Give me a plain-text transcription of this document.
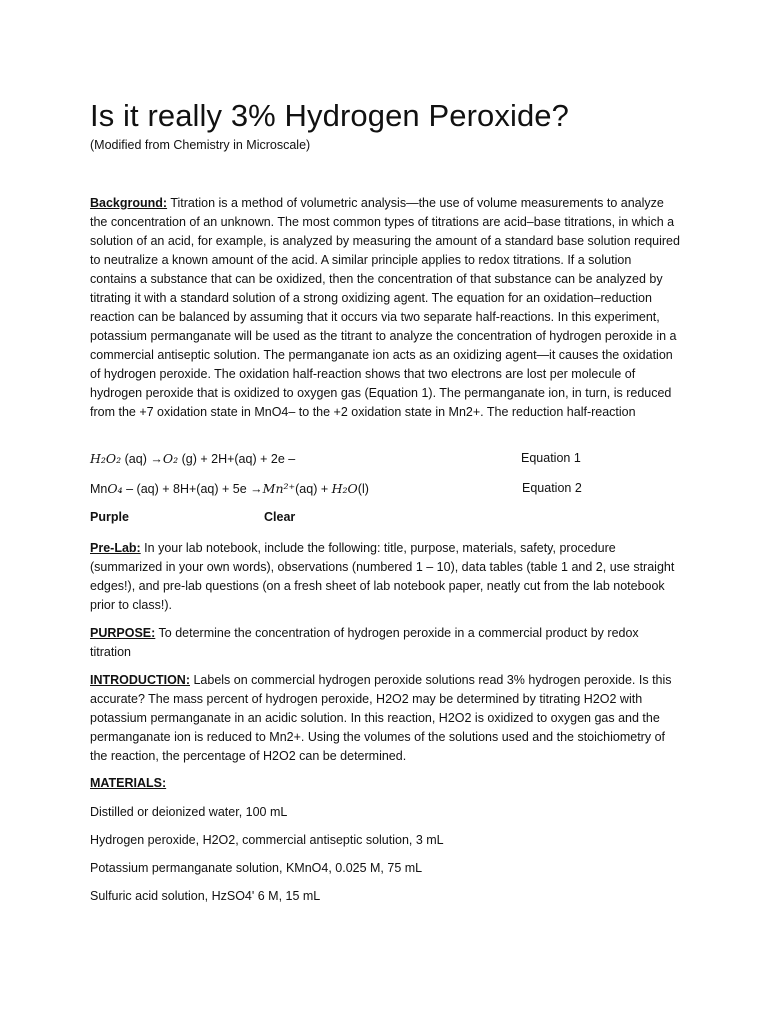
Is it really 3% Hydrogen Peroxide?
(Modified from Chemistry in Microscale)

Background: Titration is a method of volumetric analysis—the use of volume measurements to analyze the concentration of an unknown. The most common types of titrations are acid–base titrations, in which a solution of an acid, for example, is analyzed by measuring the amount of a standard base solution required to neutralize a known amount of the acid. A similar principle applies to redox titrations. If a solution contains a substance that can be oxidized, then the concentration of that substance can be analyzed by titrating it with a standard solution of a strong oxidizing agent. The equation for an oxidation–reduction reaction can be balanced by assuming that it occurs via two separate half-reactions. In this experiment, potassium permanganate will be used as the titrant to analyze the concentration of hydrogen peroxide in a commercial antiseptic solution. The permanganate ion acts as an oxidizing agent—it causes the oxidation of hydrogen peroxide. The oxidation half-reaction shows that two electrons are lost per molecule of hydrogen peroxide that is oxidized to oxygen gas (Equation 1). The permanganate ion, in turn, is reduced from the +7 oxidation state in MnO4– to the +2 oxidation state in Mn2+. The reduction half-reaction

H₂O₂ (aq) →O₂ (g) + 2H+(aq) + 2e –	Equation 1
MnO₄ – (aq) + 8H+(aq) + 5e →Mn²⁺(aq) + H₂O(l)	Equation 2
Purple	Clear

Pre-Lab: In your lab notebook, include the following: title, purpose, materials, safety, procedure (summarized in your own words), observations (numbered 1 – 10), data tables (table 1 and 2, use straight edges!), and pre-lab questions (on a fresh sheet of lab notebook paper, neatly cut from the lab notebook prior to class!).

PURPOSE: To determine the concentration of hydrogen peroxide in a commercial product by redox titration

INTRODUCTION: Labels on commercial hydrogen peroxide solutions read 3% hydrogen peroxide. Is this accurate? The mass percent of hydrogen peroxide, H2O2 may be determined by titrating H2O2 with potassium permanganate in an acidic solution. In this reaction, H2O2 is oxidized to oxygen gas and the permanganate ion is reduced to Mn2+. Using the volumes of the solutions used and the stoichiometry of the reaction, the percentage of H2O2 can be determined.

MATERIALS:
Distilled or deionized water, 100 mL
Hydrogen peroxide, H2O2, commercial antiseptic solution, 3 mL
Potassium permanganate solution, KMnO4, 0.025 M, 75 mL
Sulfuric acid solution, HzSO4' 6 M, 15 mL
